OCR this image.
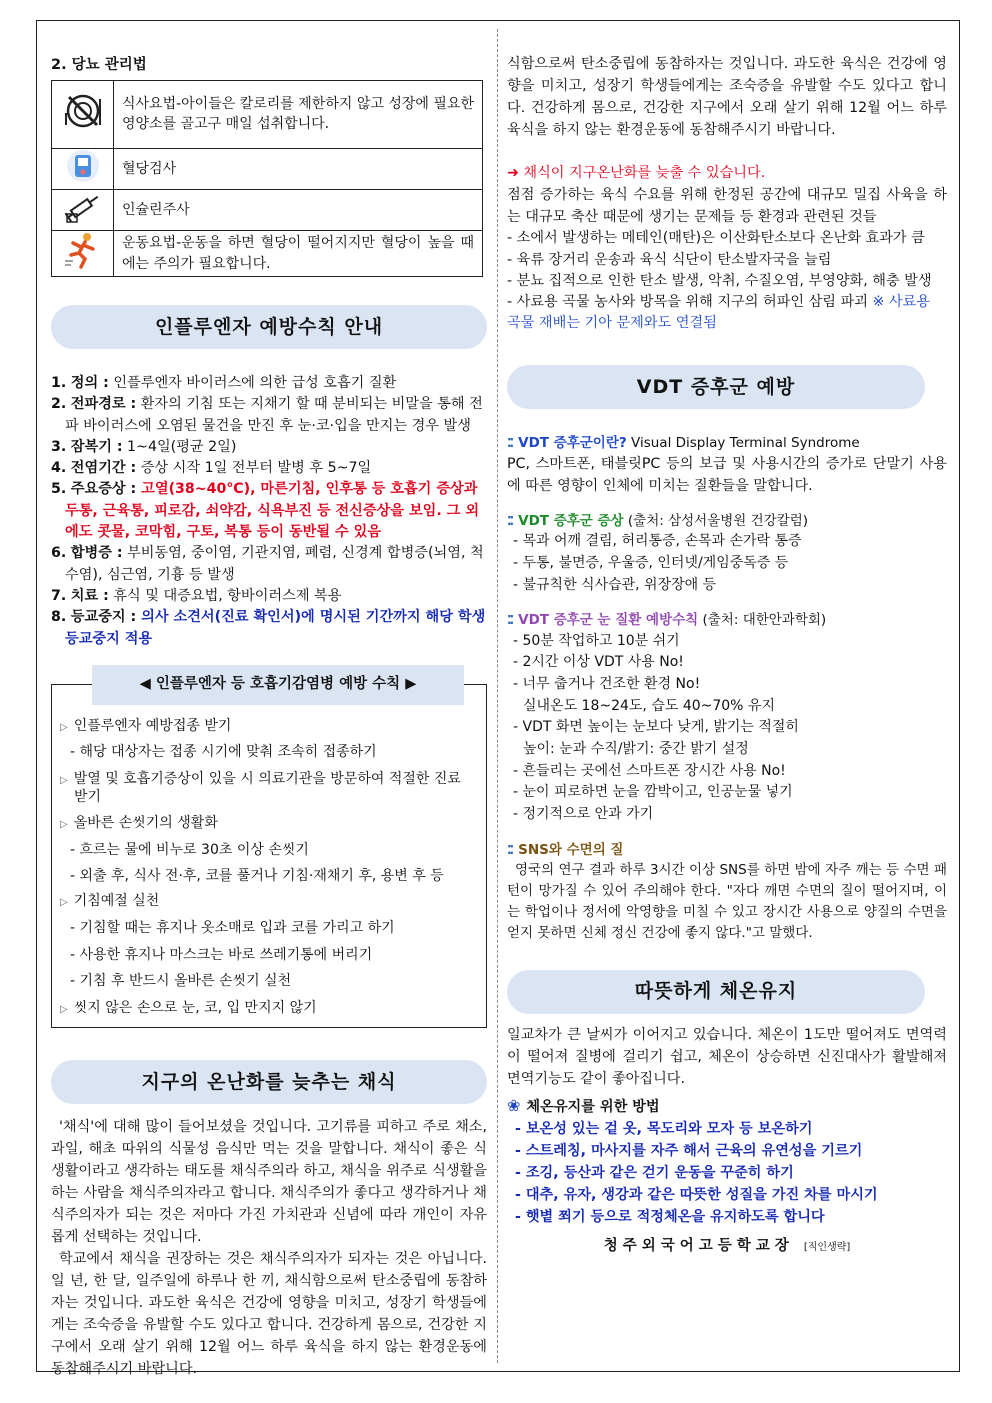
2. 당뇨 관리법
	식사요법-아이들은 칼로리를 제한하지 않고 성장에 필요한 영양소를 골고구 매일 섭취합니다.
	혈당검사
	인슐린주사
	운동요법-운동을 하면 혈당이 떨어지지만 혈당이 높을 때에는 주의가 필요합니다.
인플루엔자 예방수칙 안내
1. 정의 : 인플루엔자 바이러스에 의한 급성 호흡기 질환
2. 전파경로 : 환자의 기침 또는 지채기 할 때 분비되는 비말을 통해 전파 바이러스에 오염된 물건을 만진 후 눈·코·입을 만지는 경우 발생
3. 잠복기 : 1~4일(평균 2일)
4. 전염기간 : 증상 시작 1일 전부터 발병 후 5~7일
5. 주요증상 : 고열(38~40℃), 마른기침, 인후통 등 호흡기 증상과 두통, 근육통, 피로감, 쇠약감, 식욕부진 등 전신증상을 보임. 그 외에도 콧물, 코막힘, 구토, 복통 등이 동반될 수 있음
6. 합병증 : 부비동염, 중이염, 기관지염, 폐렴, 신경계 합병증(뇌염, 척수염), 심근염, 기흉 등 발생
7. 치료 : 휴식 및 대증요법, 항바이러스제 복용
8. 등교중지 : 의사 소견서(진료 확인서)에 명시된 기간까지 해당 학생 등교중지 적용
◀ 인플루엔자 등 호흡기감염병 예방 수칙 ▶
▷ 인플루엔자 예방접종 받기
- 해당 대상자는 접종 시기에 맞춰 조속히 접종하기
▷ 발열 및 호흡기증상이 있을 시 의료기관을 방문하여 적절한 진료 받기
▷ 올바른 손씻기의 생활화
- 흐르는 물에 비누로 30초 이상 손씻기
- 외출 후, 식사 전·후, 코를 풀거나 기침·재채기 후, 용변 후 등
▷ 기침예절 실천
- 기침할 때는 휴지나 옷소매로 입과 코를 가리고 하기
- 사용한 휴지나 마스크는 바로 쓰레기통에 버리기
- 기침 후 반드시 올바른 손씻기 실천
▷ 씻지 않은 손으로 눈, 코, 입 만지지 않기
지구의 온난화를 늦추는 채식

'채식'에 대해 많이 들어보셨을 것입니다. 고기류를 피하고 주로 채소, 과일, 해초 따위의 식물성 음식만 먹는 것을 말합니다. 채식이 좋은 식생활이라고 생각하는 태도를 채식주의라 하고, 채식을 위주로 식생활을 하는 사람을 채식주의자라고 합니다. 채식주의가 좋다고 생각하거나 채식주의자가 되는 것은 저마다 가진 가치관과 신념에 따라 개인이 자유롭게 선택하는 것입니다.

학교에서 채식을 권장하는 것은 채식주의자가 되자는 것은 아닙니다. 일 년, 한 달, 일주일에 하루나 한 끼, 채식함으로써 탄소중립에 동참하자는 것입니다. 과도한 육식은 건강에 영향을 미치고, 성장기 학생들에게는 조숙증을 유발할 수도 있다고 합니다. 건강하게 몸으로, 건강한 지구에서 오래 살기 위해 12월 어느 하루 육식을 하지 않는 환경운동에 동참해주시기 바랍니다.

식함으로써 탄소중립에 동참하자는 것입니다. 과도한 육식은 건강에 영향을 미치고, 성장기 학생들에게는 조숙증을 유발할 수도 있다고 합니다. 건강하게 몸으로, 건강한 지구에서 오래 살기 위해 12월 어느 하루 육식을 하지 않는 환경운동에 동참해주시기 바랍니다.

➜ 채식이 지구온난화를 늦출 수 있습니다.

점점 증가하는 육식 수요를 위해 한정된 공간에 대규모 밀집 사육을 하는 대규모 축산 때문에 생기는 문제들 등 환경과 관련된 것들

- 소에서 발생하는 메테인(매탄)은 이산화탄소보다 온난화 효과가 큼
- 육류 장거리 운송과 육식 식단이 탄소발자국을 늘림
- 분뇨 집적으로 인한 탄소 발생, 악취, 수질오염, 부영양화, 해충 발생
- 사료용 곡물 농사와 방목을 위해 지구의 허파인 삼림 파괴 ※ 사료용 곡물 재배는 기아 문제와도 연결됨
VDT 증후군 예방
⁚⁚ VDT 증후군이란? Visual Display Terminal Syndrome

PC, 스마트폰, 태블릿PC 등의 보급 및 사용시간의 증가로 단말기 사용에 따른 영향이 인체에 미치는 질환들을 말합니다.

⁚⁚ VDT 증후군 증상 (출처: 삼성서울병원 건강칼럼)
- 목과 어깨 결림, 허리통증, 손목과 손가락 통증
- 두통, 불면증, 우울증, 인터넷/게임중독증 등
- 불규칙한 식사습관, 위장장애 등
⁚⁚ VDT 증후군 눈 질환 예방수칙 (출처: 대한안과학회)
- 50분 작업하고 10분 쉬기
- 2시간 이상 VDT 사용 No!
- 너무 춥거나 건조한 환경 No!
실내온도 18~24도, 습도 40~70% 유지
- VDT 화면 높이는 눈보다 낮게, 밝기는 적절히
높이: 눈과 수직/밝기: 중간 밝기 설정
- 흔들리는 곳에선 스마트폰 장시간 사용 No!
- 눈이 피로하면 눈을 깜박이고, 인공눈물 넣기
- 정기적으로 안과 가기
⁚⁚ SNS와 수면의 질

영국의 연구 결과 하루 3시간 이상 SNS를 하면 밤에 자주 깨는 등 수면 패턴이 망가질 수 있어 주의해야 한다. "자다 깨면 수면의 질이 떨어지며, 이는 학업이나 정서에 악영향을 미칠 수 있고 장시간 사용으로 양질의 수면을 얻지 못하면 신체 정신 건강에 좋지 않다."고 말했다.

따뜻하게 체온유지

일교차가 큰 날씨가 이어지고 있습니다. 체온이 1도만 떨어져도 면역력이 떨어져 질병에 걸리기 쉽고, 체온이 상승하면 신진대사가 활발해져 면역기능도 같이 좋아집니다.

❀ 체온유지를 위한 방법
- 보온성 있는 겉 옷, 목도리와 모자 등 보온하기
- 스트레칭, 마사지를 자주 해서 근육의 유연성을 기르기
- 조깅, 등산과 같은 걷기 운동을 꾸준히 하기
- 대추, 유자, 생강과 같은 따뜻한 성질을 가진 차를 마시기
- 햇볕 쬐기 등으로 적정체온을 유지하도록 합니다
청주외국어고등학교장 [직인생략]
